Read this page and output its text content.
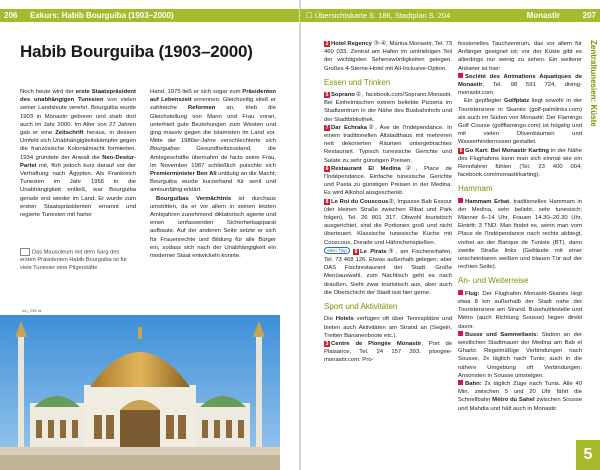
206	Exkurs: Habib Bourguiba (1903–2000)
Habib Bourguiba (1903–2000)

Noch heute wird der erste Staatspräsident des unabhängigen Tunesien von vielen seiner Landsleute verehrt. Bourguiba wurde 1903 in Monastir geboren und starb dort auch im Jahr 2000. Im Alter von 27 Jahren gab er eine Zeitschrift heraus, in dessen Umfeld sich Unabhängigkeitskämpfer gegen die französische Kolonialmacht formierten. 1934 gründete der Anwalt die Neo-Destur-Partei mit, floh jedoch kurz darauf vor der Verhaftung nach Ägypten. Als Frankreich Tunesien im Jahr 1956 in die Unabhängigkeit entließ, war Bourguiba gerade erst wieder im Land. Er wurde zum ersten Staatspräsidenten ernannt und regierte Tunesien mit harter

Hand. 1975 ließ er sich sogar zum Präsidenten auf Lebenszeit ernennen. Gleichzeitig stieß er zahlreiche Reformen an, trieb die Gleichstellung von Mann und Frau voran, unterhielt gute Beziehungen zum Westen und ging massiv gegen die Islamisten im Land vor. Mitte der 1980er-Jahre verschlechterte sich Bourguibas Gesundheitszustand, die Amtsgeschäfte übernahm de facto seine Frau. Im November 1987 schließlich putschte sich Premierminister Ben Ali unblutig an die Macht; Bourguiba wurde kurzerhand für senil und amtsunfähig erklärt.

Bourguibas Vermächtnis ist durchaus umstritten, da er vor allem in seinen letzten Amtsjahren zunehmend diktatorisch agierte und einen umfassenden Sicherheitsapparat aufbaute. Auf der anderen Seite setzte er sich für Frauenrechte und Bildung für alle Bürger ein, sodass sich nach der Unabhängigkeit ein moderner Staat entwickeln konnte.

Das Mausoleum mit dem Sarg des ersten Präsidenten Habib Bourguiba ist für viele Tunesier eine Pilgerstätte
tun_238 sk
☐ Übersichtskarte S. 186, Stadtplan S. 204	Monastir	207

2 Hotel Regency ③-④, Marina Monastir, Tel. 73 460 033. Zentral am Hafen im umtriebigen Teil der wichtigsten Sehenswürdigkeiten gelegen. Großes 4-Sterne-Hotel mit All-Inclusive-Option.

Essen und Trinken

5 Soprano②, facebook.com/Soprano.Monastir. Bei Einheimischen extrem beliebte Pizzeria im Stadtzentrum in der Nähe des Busbahnhofs und der Stadtbibliothek.

7 Dar Echraka②, Ave de l'Indépendance. In einem traditionellen Altstadthaus mit mehreren nett dekorierten Räumen untergebrachtes Restaurant. Typisch tunesische Gerichte und Salate zu sehr günstigen Preisen.

6 Restaurant El Medina②, Place de l'Indépendance. Einfache tunesische Gerichte und Pasta zu günstigen Preisen in der Medina. Es wird Alkohol ausgeschenkt.

8 Le Roi du Couscous②, Impasse Bab Essour (der kleinen Straße zwischen Ribat und Park folgen), Tel. 26 801 317. Obwohl touristisch ausgerichtet, sind die Portionen groß und nicht überteuert. Klassische tunesische Küche mit Couscous, Dorade und Hähnchenspießen.

Mein Tipp 9 Le Pirate③, am Fischereihafen, Tel. 73 468 126. Etwas außerhalb gelegen, aber DAS Fischrestaurant der Stadt. Große Menüauswahl, zum Nachtisch geht es nach draußen. Sieht zwar touristisch aus, aber auch die Oberschicht der Stadt isst hier gerne.

Sport und Aktivitäten

Die Hotels verfügen oft über Tennisplätze und bieten auch Aktivitäten am Strand an (Segeln, Tretten Bananenboote etc.).

3 Centre de Plongée Monastir, Port de Plaisance, Tel. 24 157 393, plongee-monastir.com. Pro-

fessionelles Tauchzentrum, das vor allem für Anfänger geeignet ist; vor der Küste gibt es allerdings nur wenig zu sehen. Ein weiterer Anbieter ist hier:

Société des Animations Aquatiques de Monastir, Tel. 98 591 724, diving-monastir.com.

Ein gepflegter Golfplatz liegt sowohl in der Touristenzone in Skanès (golf-palmlinks.com) als auch im Süden von Monastir: Der Flamingo Golf Course (golfflamingo.com) ist hügelig und mit vielen Olivenbäumen und Wasserhindernissen gestaltet.

6 Go Kart: Bel Monastir Karting in der Nähe des Flughafens kann man sich einmal wie ein Rennfahrer fühlen (Tel. 23 400 004, facebook.com/monastirkarting).

Hammam

Hammam Erbat, traditionelles Hammam in der Medina, sehr beliebt, sehr tunesisch; Männer 6–14 Uhr, Frauen 14.30–20.30 Uhr, Eintritt: 3 TND. Man findet es, wenn man vom Place de l'Indépendance nach rechts abbiegt, vorbei an der Banque de Tunisie (BT), dann zweite Straße links (Gebäude mit einer unscheinbaren weißen und blauen Tür auf der rechten Seite).

An- und Weiterreise

Flug: Der Flughafen Monastir-Skanès liegt etwa 8 km außerhalb der Stadt nahe der Touristenzone am Strand. Busshuttlestelle und Métro (auch Richtung Sousse) liegen direkt davor.

Busse und Sammeltaxis: Station an der westlichen Stadtmauer der Medina am Bab el Gharbi. Regelmäßige Verbindungen nach Sousse, 2x täglich nach Tunis; auch in die nähere Umgebung oft Verbindungen. Ansonsten in Sousse umsteigen.

Bahn: 2x täglich Züge nach Tunis. Alle 40 Min. zwischen 5 und 20 Uhr fährt die Schnellbahn Métro du Sahel zwischen Sousse und Mahdia und hält auch in Monastir.

Zentraltunesien: Küste
5
